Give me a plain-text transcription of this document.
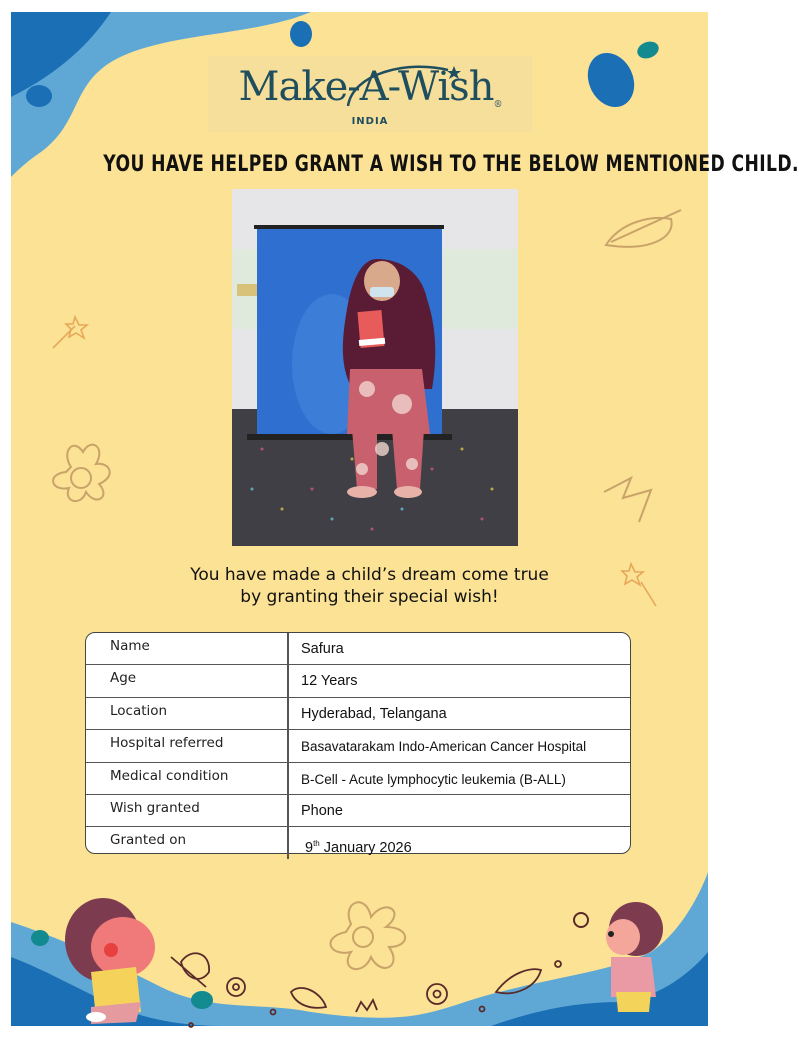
Make-A-Wish®
INDIA
YOU HAVE HELPED GRANT A WISH TO THE BELOW MENTIONED CHILD.
You have made a child’s dream come true
by granting their special wish!
Name	Safura
Age	12 Years
Location	Hyderabad, Telangana
Hospital referred	Basavatarakam Indo-American Cancer Hospital
Medical condition	B-Cell - Acute lymphocytic leukemia (B-ALL)
Wish granted	Phone
Granted on	9th January 2026
